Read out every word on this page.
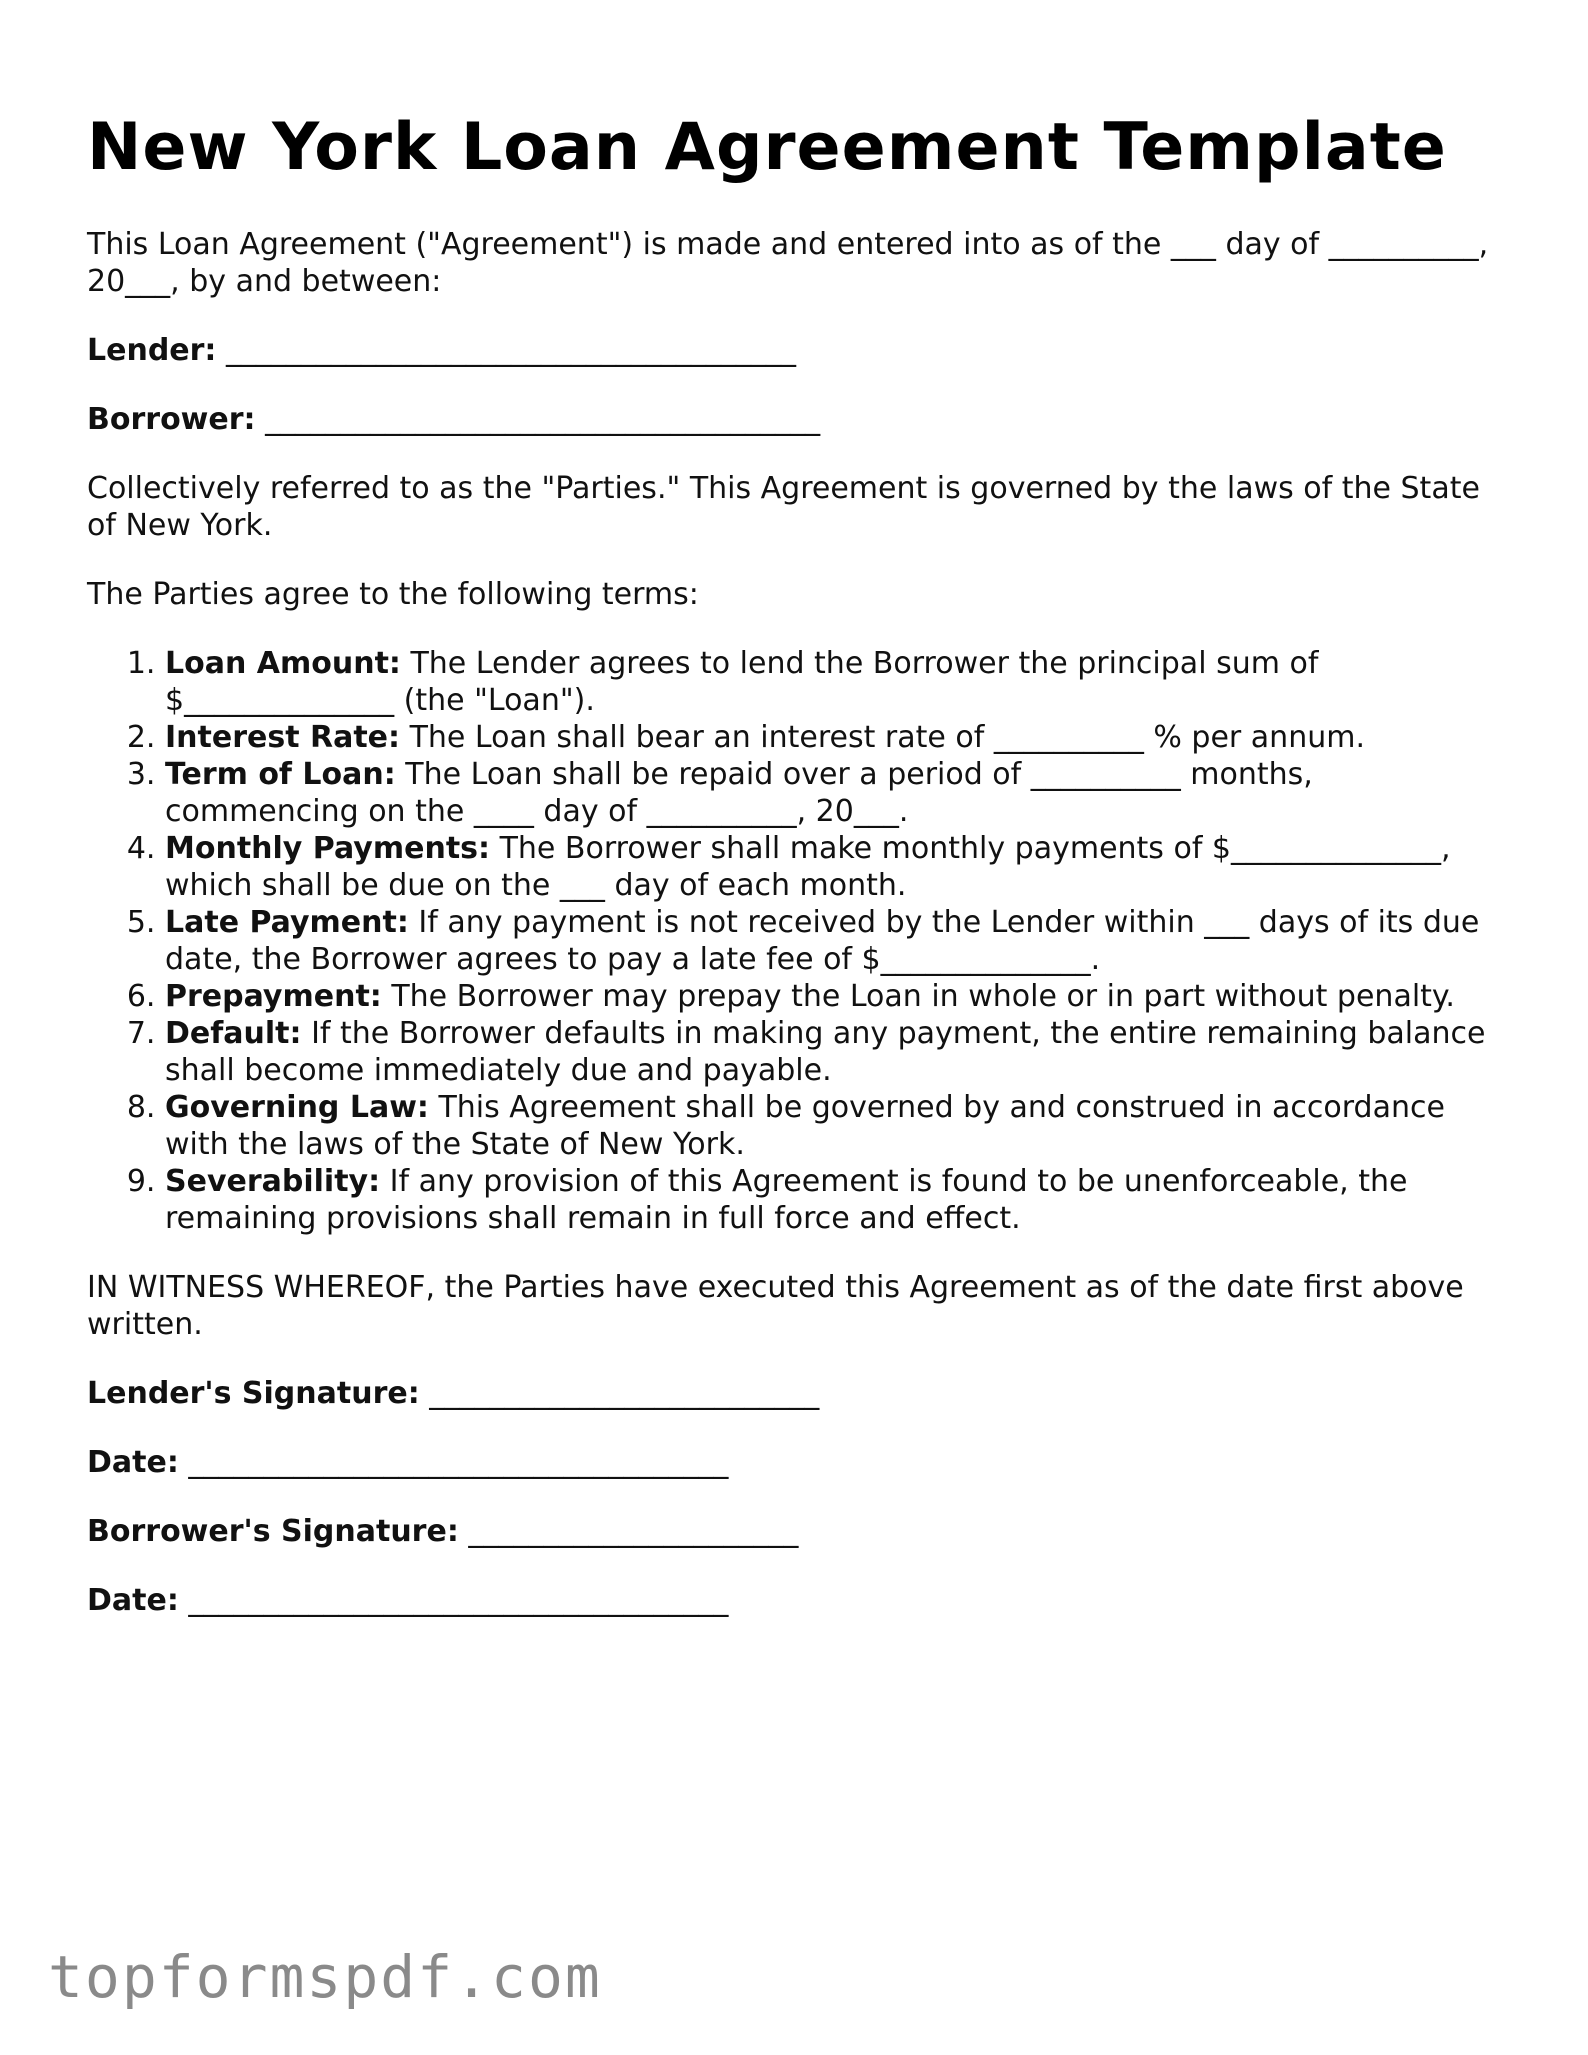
New York Loan Agreement Template

This Loan Agreement ("Agreement") is made and entered into as of the ___ day of __________, 20___, by and between:

Lender: ______________________________________

Borrower: _____________________________________

Collectively referred to as the "Parties." This Agreement is governed by the laws of the State of New York.

The Parties agree to the following terms:

1. Loan Amount: The Lender agrees to lend the Borrower the principal sum of $______________ (the "Loan").
2. Interest Rate: The Loan shall bear an interest rate of __________ % per annum.
3. Term of Loan: The Loan shall be repaid over a period of __________ months, commencing on the ____ day of __________, 20___.
4. Monthly Payments: The Borrower shall make monthly payments of $______________, which shall be due on the ___ day of each month.
5. Late Payment: If any payment is not received by the Lender within ___ days of its due date, the Borrower agrees to pay a late fee of $______________.
6. Prepayment: The Borrower may prepay the Loan in whole or in part without penalty.
7. Default: If the Borrower defaults in making any payment, the entire remaining balance shall become immediately due and payable.
8. Governing Law: This Agreement shall be governed by and construed in accordance with the laws of the State of New York.
9. Severability: If any provision of this Agreement is found to be unenforceable, the remaining provisions shall remain in full force and effect.

IN WITNESS WHEREOF, the Parties have executed this Agreement as of the date first above written.

Lender's Signature: __________________________

Date: ____________________________________

Borrower's Signature: ______________________

Date: ____________________________________

topformspdf.com
